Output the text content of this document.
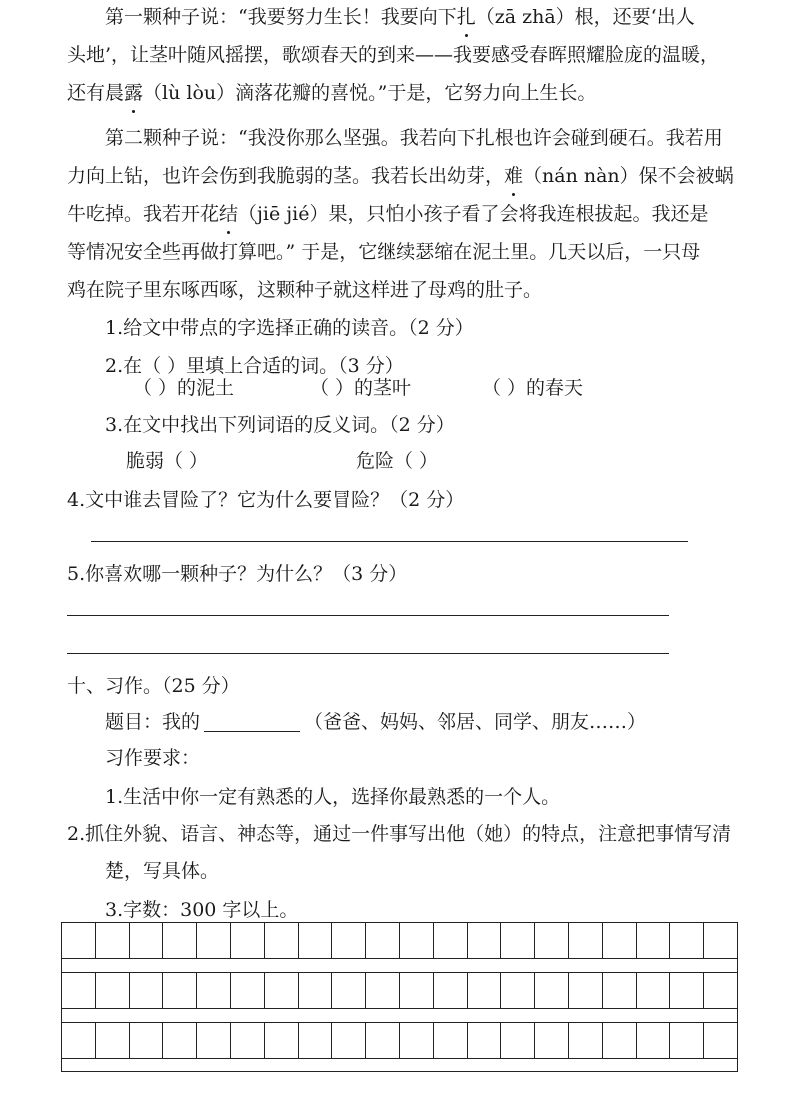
第一颗种子说：“我要努力生长！我要向下扎（zā zhā）根，还要‘出人
头地’，让茎叶随风摇摆，歌颂春天的到来——我要感受春晖照耀脸庞的温暖，
还有晨露（lù lòu）滴落花瓣的喜悦。”于是，它努力向上生长。
第二颗种子说：“我没你那么坚强。我若向下扎根也许会碰到硬石。我若用
力向上钻，也许会伤到我脆弱的茎。我若长出幼芽，难（nán nàn）保不会被蜗
牛吃掉。我若开花结（jiē jié）果，只怕小孩子看了会将我连根拔起。我还是
等情况安全些再做打算吧。” 于是，它继续瑟缩在泥土里。几天以后，一只母
鸡在院子里东啄西啄，这颗种子就这样进了母鸡的肚子。
1.给文中带点的字选择正确的读音。（2 分）
2.在（ ）里填上合适的词。（3 分）
（ ）的泥土	（ ）的茎叶	（ ）的春天
3.在文中找出下列词语的反义词。（2 分）
脆弱（ ）	危险（ ）
4.文中谁去冒险了？它为什么要冒险？（2 分）
5.你喜欢哪一颗种子？为什么？（3 分）
十、习作。（25 分）
题目：我的	（爸爸、妈妈、邻居、同学、朋友……）
习作要求：
1.生活中你一定有熟悉的人，选择你最熟悉的一个人。
2.抓住外貌、语言、神态等，通过一件事写出他（她）的特点，注意把事情写清
楚，写具体。
3.字数：300 字以上。
